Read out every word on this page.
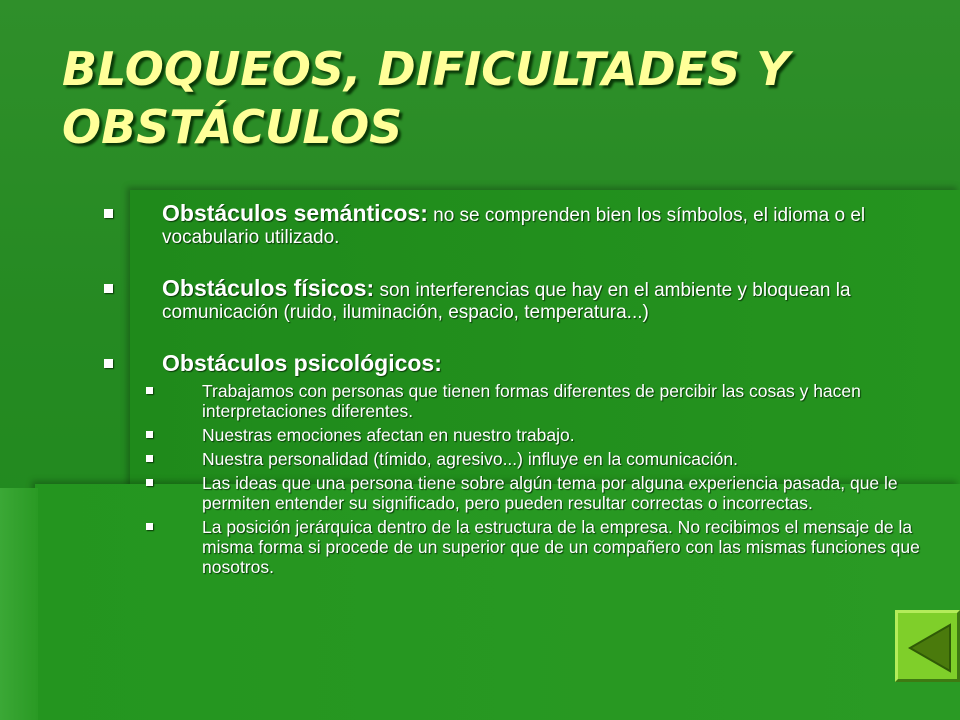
BLOQUEOS, DIFICULTADES Y OBSTÁCULOS
Obstáculos semánticos: no se comprenden bien los símbolos, el idioma o el vocabulario utilizado.
Obstáculos físicos: son interferencias que hay en el ambiente y bloquean la comunicación (ruido, iluminación, espacio, temperatura...)
Obstáculos psicológicos:
Trabajamos con personas que tienen formas diferentes de percibir las cosas y hacen interpretaciones diferentes.
Nuestras emociones afectan en nuestro trabajo.
Nuestra personalidad (tímido, agresivo...) influye en la comunicación.
Las ideas que una persona tiene sobre algún tema por alguna experiencia pasada, que le permiten entender su significado, pero pueden resultar correctas o incorrectas.
La posición jerárquica dentro de la estructura de la empresa. No recibimos el mensaje de la misma forma si procede de un superior que de un compañero con las mismas funciones que nosotros.
